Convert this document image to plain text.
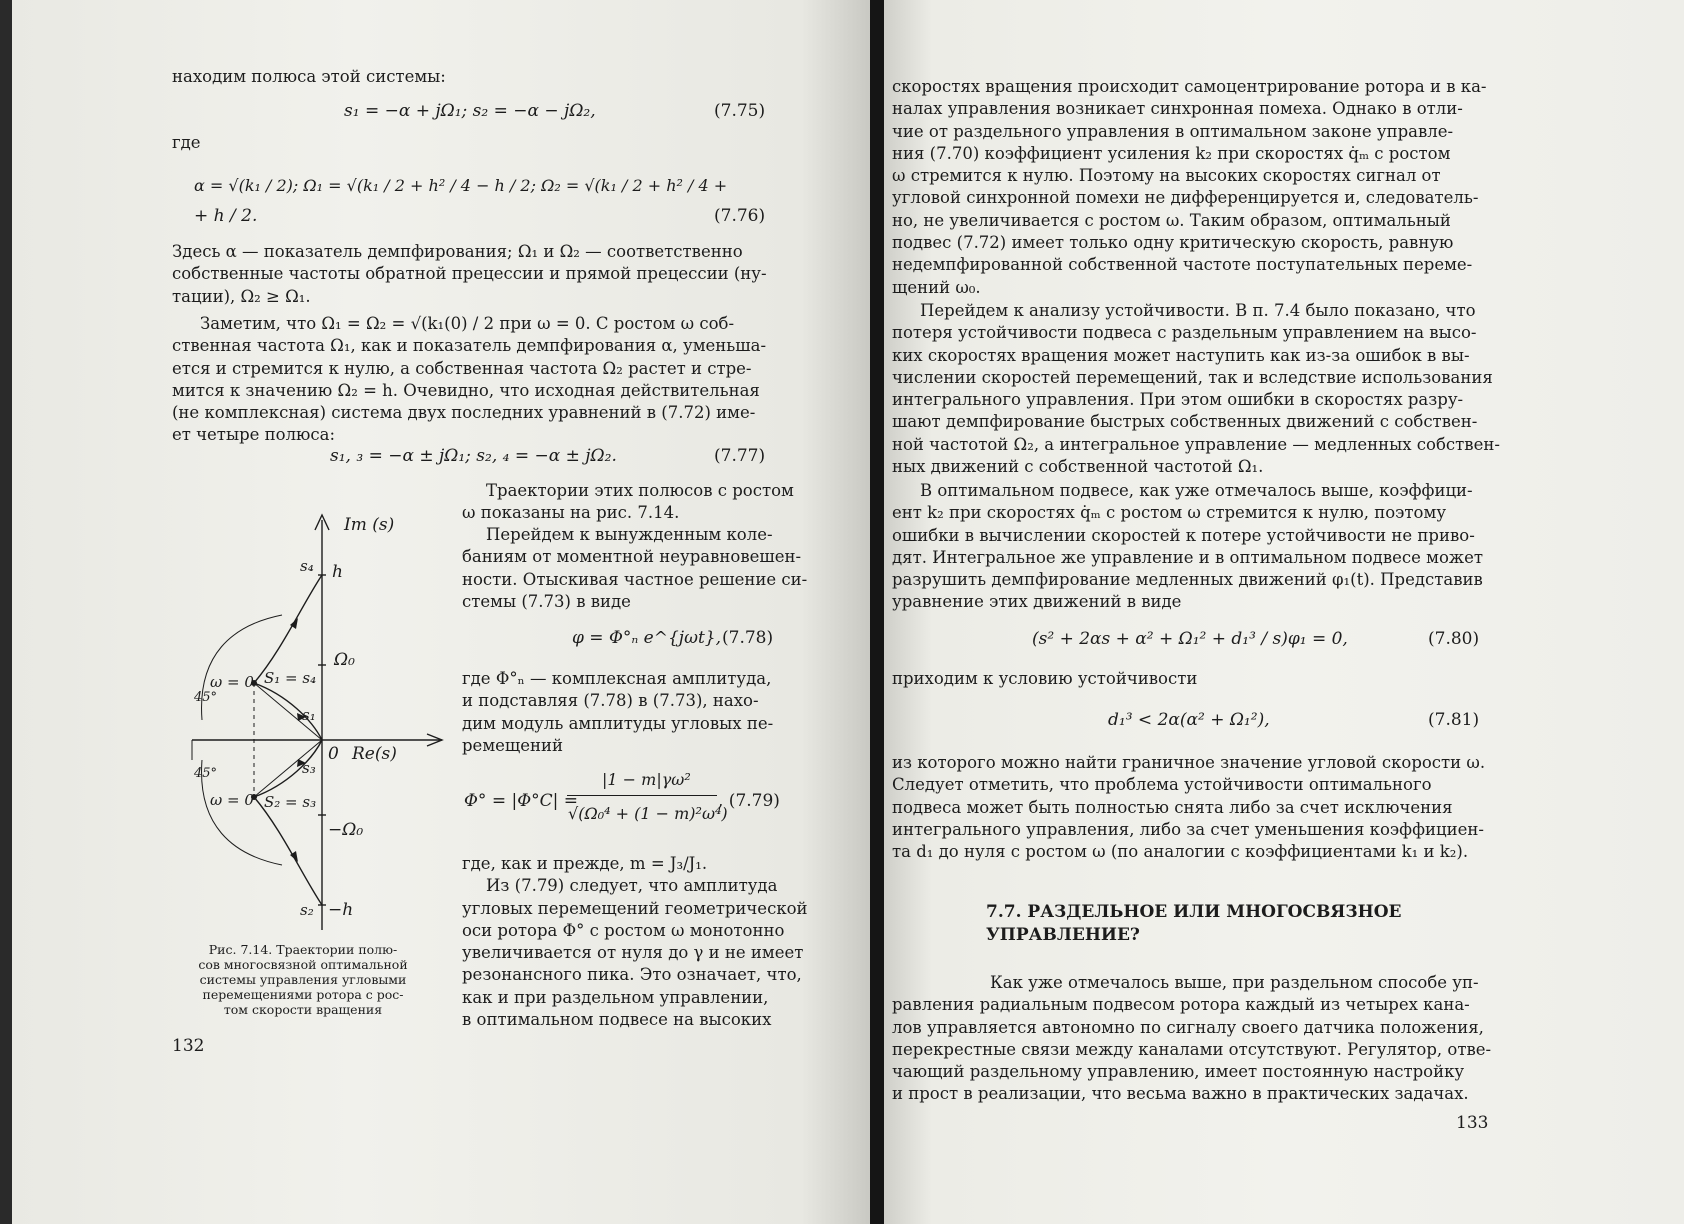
находим полюса этой системы:

s₁ = −α + jΩ₁; s₂ = −α − jΩ₂,	(7.75)

где

α = √(k₁ / 2); Ω₁ = √(k₁ / 2 + h² / 4 − h / 2; Ω₂ = √(k₁ / 2 + h² / 4 +
+ h / 2.	(7.76)
Здесь α — показатель демпфирования; Ω₁ и Ω₂ — соответственно
собственные частоты обратной прецессии и прямой прецессии (ну-
тации), Ω₂ ≥ Ω₁.
Заметим, что Ω₁ = Ω₂ = √(k₁(0) / 2 при ω = 0. С ростом ω соб-
ственная частота Ω₁, как и показатель демпфирования α, уменьша-
ется и стремится к нулю, а собственная частота Ω₂ растет и стре-
мится к значению Ω₂ = h. Очевидно, что исходная действительная
(не комплексная) система двух последних уравнений в (7.72) име-
ет четыре полюса:
s₁, ₃ = −α ± jΩ₁; s₂, ₄ = −α ± jΩ₂.	(7.77)
Im (s)
Re(s)
0
h
−h
Ω₀
−Ω₀
s₄
s₂
s₁
s₃
S₁ = s₄
S₂ = s₃
ω = 0
ω = 0
45°
45°
Рис. 7.14. Траектории полю-
сов многосвязной оптимальной
системы управления угловыми
перемещениями ротора с рос-
том скорости вращения
Траектории этих полюсов с ростом
ω показаны на рис. 7.14.
Перейдем к вынужденным коле-
баниям от моментной неуравновешен-
ности. Отыскивая частное решение си-
стемы (7.73) в виде
φ = Φ°ₙ e^{jωt}, (7.78)
где Φ°ₙ — комплексная амплитуда,
и подставляя (7.78) в (7.73), нахо-
дим модуль амплитуды угловых пе-
ремещений
Φ° = |Φ°C| =
|1 − m|γω²
√(Ω₀⁴ + (1 − m)²ω⁴)
, (7.79)
где, как и прежде, m = J₃/J₁.
Из (7.79) следует, что амплитуда
угловых перемещений геометрической
оси ротора Φ° с ростом ω монотонно
увеличивается от нуля до γ и не имеет
резонансного пика. Это означает, что,
как и при раздельном управлении,
в оптимальном подвесе на высоких
132
скоростях вращения происходит самоцентрирование ротора и в ка-
налах управления возникает синхронная помеха. Однако в отли-
чие от раздельного управления в оптимальном законе управле-
ния (7.70) коэффициент усиления k₂ при скоростях q̇ₘ с ростом
ω стремится к нулю. Поэтому на высоких скоростях сигнал от
угловой синхронной помехи не дифференцируется и, следователь-
но, не увеличивается с ростом ω. Таким образом, оптимальный
подвес (7.72) имеет только одну критическую скорость, равную
недемпфированной собственной частоте поступательных переме-
щений ω₀.
Перейдем к анализу устойчивости. В п. 7.4 было показано, что
потеря устойчивости подвеса с раздельным управлением на высо-
ких скоростях вращения может наступить как из-за ошибок в вы-
числении скоростей перемещений, так и вследствие использования
интегрального управления. При этом ошибки в скоростях разру-
шают демпфирование быстрых собственных движений с собствен-
ной частотой Ω₂, а интегральное управление — медленных собствен-
ных движений с собственной частотой Ω₁.
В оптимальном подвесе, как уже отмечалось выше, коэффици-
ент k₂ при скоростях q̇ₘ с ростом ω стремится к нулю, поэтому
ошибки в вычислении скоростей к потере устойчивости не приво-
дят. Интегральное же управление и в оптимальном подвесе может
разрушить демпфирование медленных движений φ₁(t). Представив
уравнение этих движений в виде
(s² + 2αs + α² + Ω₁² + d₁³ / s)φ₁ = 0,	(7.80)

приходим к условию устойчивости

d₁³ < 2α(α² + Ω₁²),	(7.81)
из которого можно найти граничное значение угловой скорости ω.
Следует отметить, что проблема устойчивости оптимального
подвеса может быть полностью снята либо за счет исключения
интегрального управления, либо за счет уменьшения коэффициен-
та d₁ до нуля с ростом ω (по аналогии с коэффициентами k₁ и k₂).
7.7. РАЗДЕЛЬНОЕ ИЛИ МНОГОСВЯЗНОЕ
УПРАВЛЕНИЕ?
Как уже отмечалось выше, при раздельном способе уп-
равления радиальным подвесом ротора каждый из четырех кана-
лов управляется автономно по сигналу своего датчика положения,
перекрестные связи между каналами отсутствуют. Регулятор, отве-
чающий раздельному управлению, имеет постоянную настройку
и прост в реализации, что весьма важно в практических задачах.
133
